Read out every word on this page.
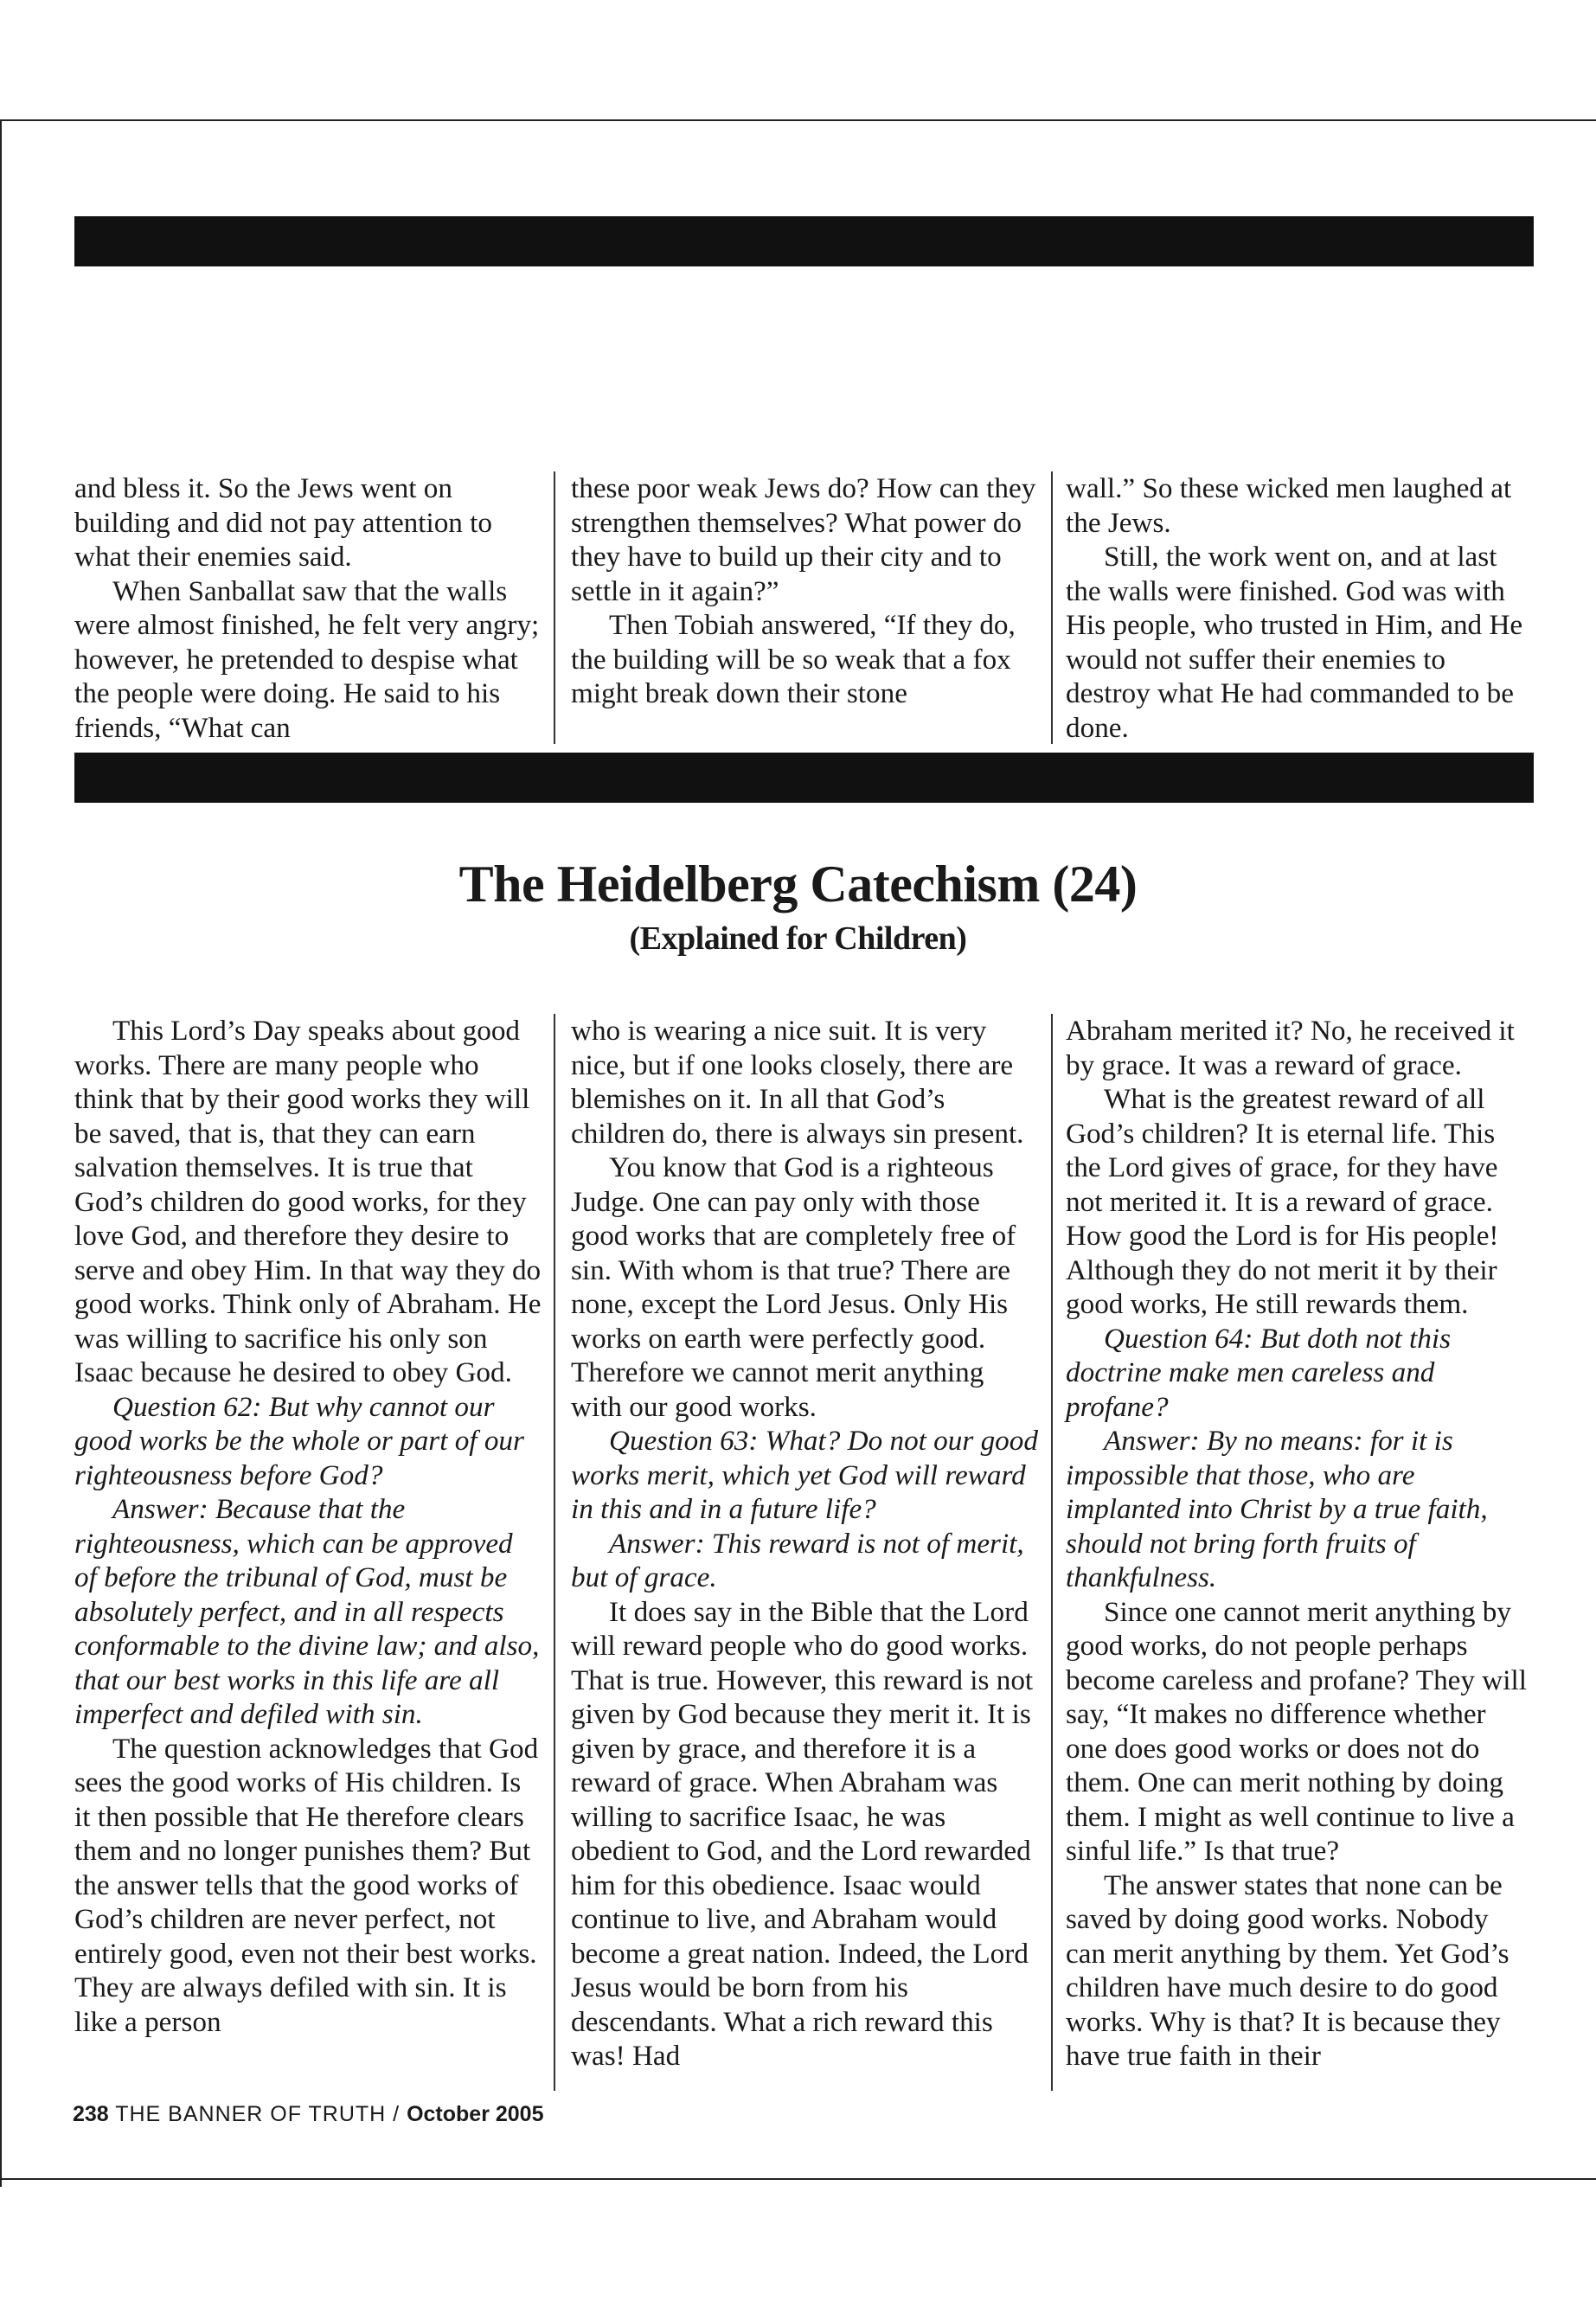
and bless it. So the Jews went on building and did not pay attention to what their enemies said.

When Sanballat saw that the walls were almost finished, he felt very angry; however, he pretended to despise what the people were doing. He said to his friends, “What can

these poor weak Jews do? How can they strengthen themselves? What power do they have to build up their city and to settle in it again?”

Then Tobiah answered, “If they do, the building will be so weak that a fox might break down their stone

wall.” So these wicked men laughed at the Jews.

Still, the work went on, and at last the walls were finished. God was with His people, who trusted in Him, and He would not suffer their enemies to destroy what He had commanded to be done.

The Heidelberg Catechism (24)
(Explained for Children)

This Lord’s Day speaks about good works. There are many people who think that by their good works they will be saved, that is, that they can earn salvation themselves. It is true that God’s children do good works, for they love God, and therefore they desire to serve and obey Him. In that way they do good works. Think only of Abraham. He was willing to sacrifice his only son Isaac because he desired to obey God.

Question 62: But why cannot our good works be the whole or part of our righteousness before God?

Answer: Because that the righteousness, which can be approved of before the tribunal of God, must be absolutely perfect, and in all respects conformable to the divine law; and also, that our best works in this life are all imperfect and defiled with sin.

The question acknowledges that God sees the good works of His children. Is it then possible that He therefore clears them and no longer punishes them? But the answer tells that the good works of God’s children are never perfect, not entirely good, even not their best works. They are always defiled with sin. It is like a person

who is wearing a nice suit. It is very nice, but if one looks closely, there are blemishes on it. In all that God’s children do, there is always sin present.

You know that God is a righteous Judge. One can pay only with those good works that are completely free of sin. With whom is that true? There are none, except the Lord Jesus. Only His works on earth were perfectly good. Therefore we cannot merit anything with our good works.

Question 63: What? Do not our good works merit, which yet God will reward in this and in a future life?

Answer: This reward is not of merit, but of grace.

It does say in the Bible that the Lord will reward people who do good works. That is true. However, this reward is not given by God because they merit it. It is given by grace, and therefore it is a reward of grace. When Abraham was willing to sacrifice Isaac, he was obedient to God, and the Lord rewarded him for this obedience. Isaac would continue to live, and Abraham would become a great nation. Indeed, the Lord Jesus would be born from his descendants. What a rich reward this was! Had

Abraham merited it? No, he received it by grace. It was a reward of grace.

What is the greatest reward of all God’s children? It is eternal life. This the Lord gives of grace, for they have not merited it. It is a reward of grace. How good the Lord is for His people! Although they do not merit it by their good works, He still rewards them.

Question 64: But doth not this doctrine make men careless and profane?

Answer: By no means: for it is impossible that those, who are implanted into Christ by a true faith, should not bring forth fruits of thankfulness.

Since one cannot merit anything by good works, do not people perhaps become careless and profane? They will say, “It makes no difference whether one does good works or does not do them. One can merit nothing by doing them. I might as well continue to live a sinful life.” Is that true?

The answer states that none can be saved by doing good works. Nobody can merit anything by them. Yet God’s children have much desire to do good works. Why is that? It is because they have true faith in their

238 THE BANNER OF TRUTH / October 2005
